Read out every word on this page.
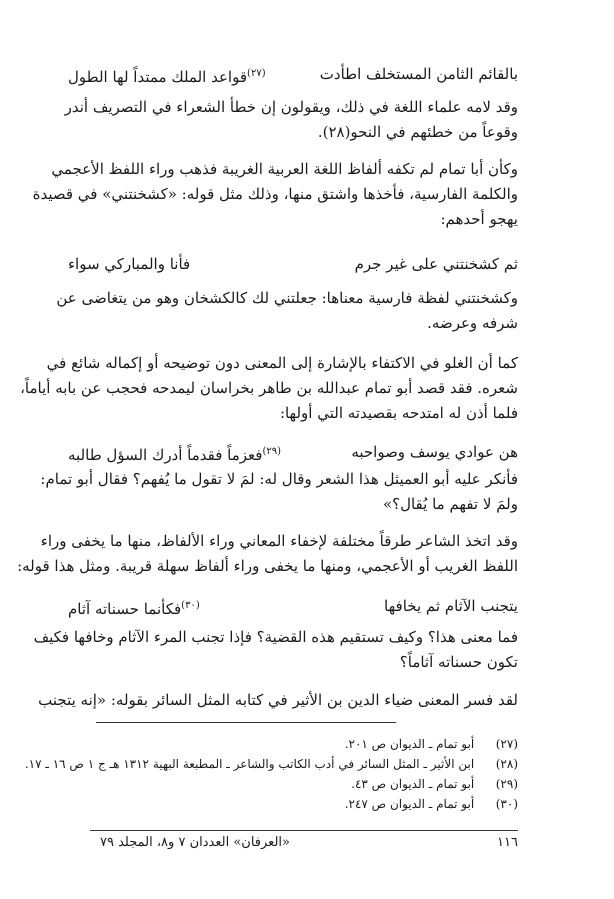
بالقائم الثامن المستخلف اطأدت
$^{(٢٧)}$قواعد الملك ممتداً لها الطول
وقد لامه علماء اللغة في ذلك، ويقولون إن خطأ الشعراء في التصريف أندر
وقوعاً من خطئهم في النحو(٢٨).
وكأن أبا تمام لم تكفه ألفاظ اللغة العربية الغريبة فذهب وراء اللفظ الأعجمي
والكلمة الفارسية، فأخذها واشتق منها، وذلك مثل قوله: «كشخنتني» في قصيدة
يهجو أحدهم:
ثم كشخنتني على غير جرم
فأنا والمباركي سواء
وكشخنتني لفظة فارسية معناها: جعلتني لك كالكشخان وهو من يتغاضى عن
شرفه وعرضه.
كما أن الغلو في الاكتفاء بالإشارة إلى المعنى دون توضيحه أو إكماله شائع في
شعره. فقد قصد أبو تمام عبدالله بن طاهر بخراسان ليمدحه فحجب عن بابه أياماً،
فلما أذن له امتدحه بقصيدته التي أولها:
هن عوادي يوسف وصواحبه
$^{(٢٩)}$فعزماً فقدماً أدرك السؤل طالبه
فأنكر عليه أبو العميثل هذا الشعر وقال له: لمَ لا تقول ما يُفهم؟ فقال أبو تمام:
ولمَ لا تفهم ما يُقال؟»
وقد اتخذ الشاعر طرقاً مختلفة لإخفاء المعاني وراء الألفاظ، منها ما يخفى وراء
اللفظ الغريب أو الأعجمي، ومنها ما يخفى وراء ألفاظ سهلة قريبة. ومثل هذا قوله:
يتجنب الآثام ثم يخافها
$^{(٣٠)}$فكأنما حسناته آثام
فما معنى هذا؟ وكيف تستقيم هذه القضية؟ فإذا تجنب المرء الآثام وخافها فكيف
تكون حسناته آثاماً؟
لقد فسر المعنى ضياء الدين بن الأثير في كتابه المثل السائر بقوله: «إنه يتجنب
(٢٧) أبو تمام ـ الديوان ص ٢٠١.
(٢٨) ابن الأثير ـ المثل السائر في أدب الكاتب والشاعر ـ المطبعة البهية ١٣١٢ هـ ج ١ ص ١٦ ـ ١٧.
(٢٩) أبو تمام ـ الديوان ص ٤٣.
(٣٠) أبو تمام ـ الديوان ص ٢٤٧.
١١٦
«العرفان» العددان ٧ و٨، المجلد ٧٩
